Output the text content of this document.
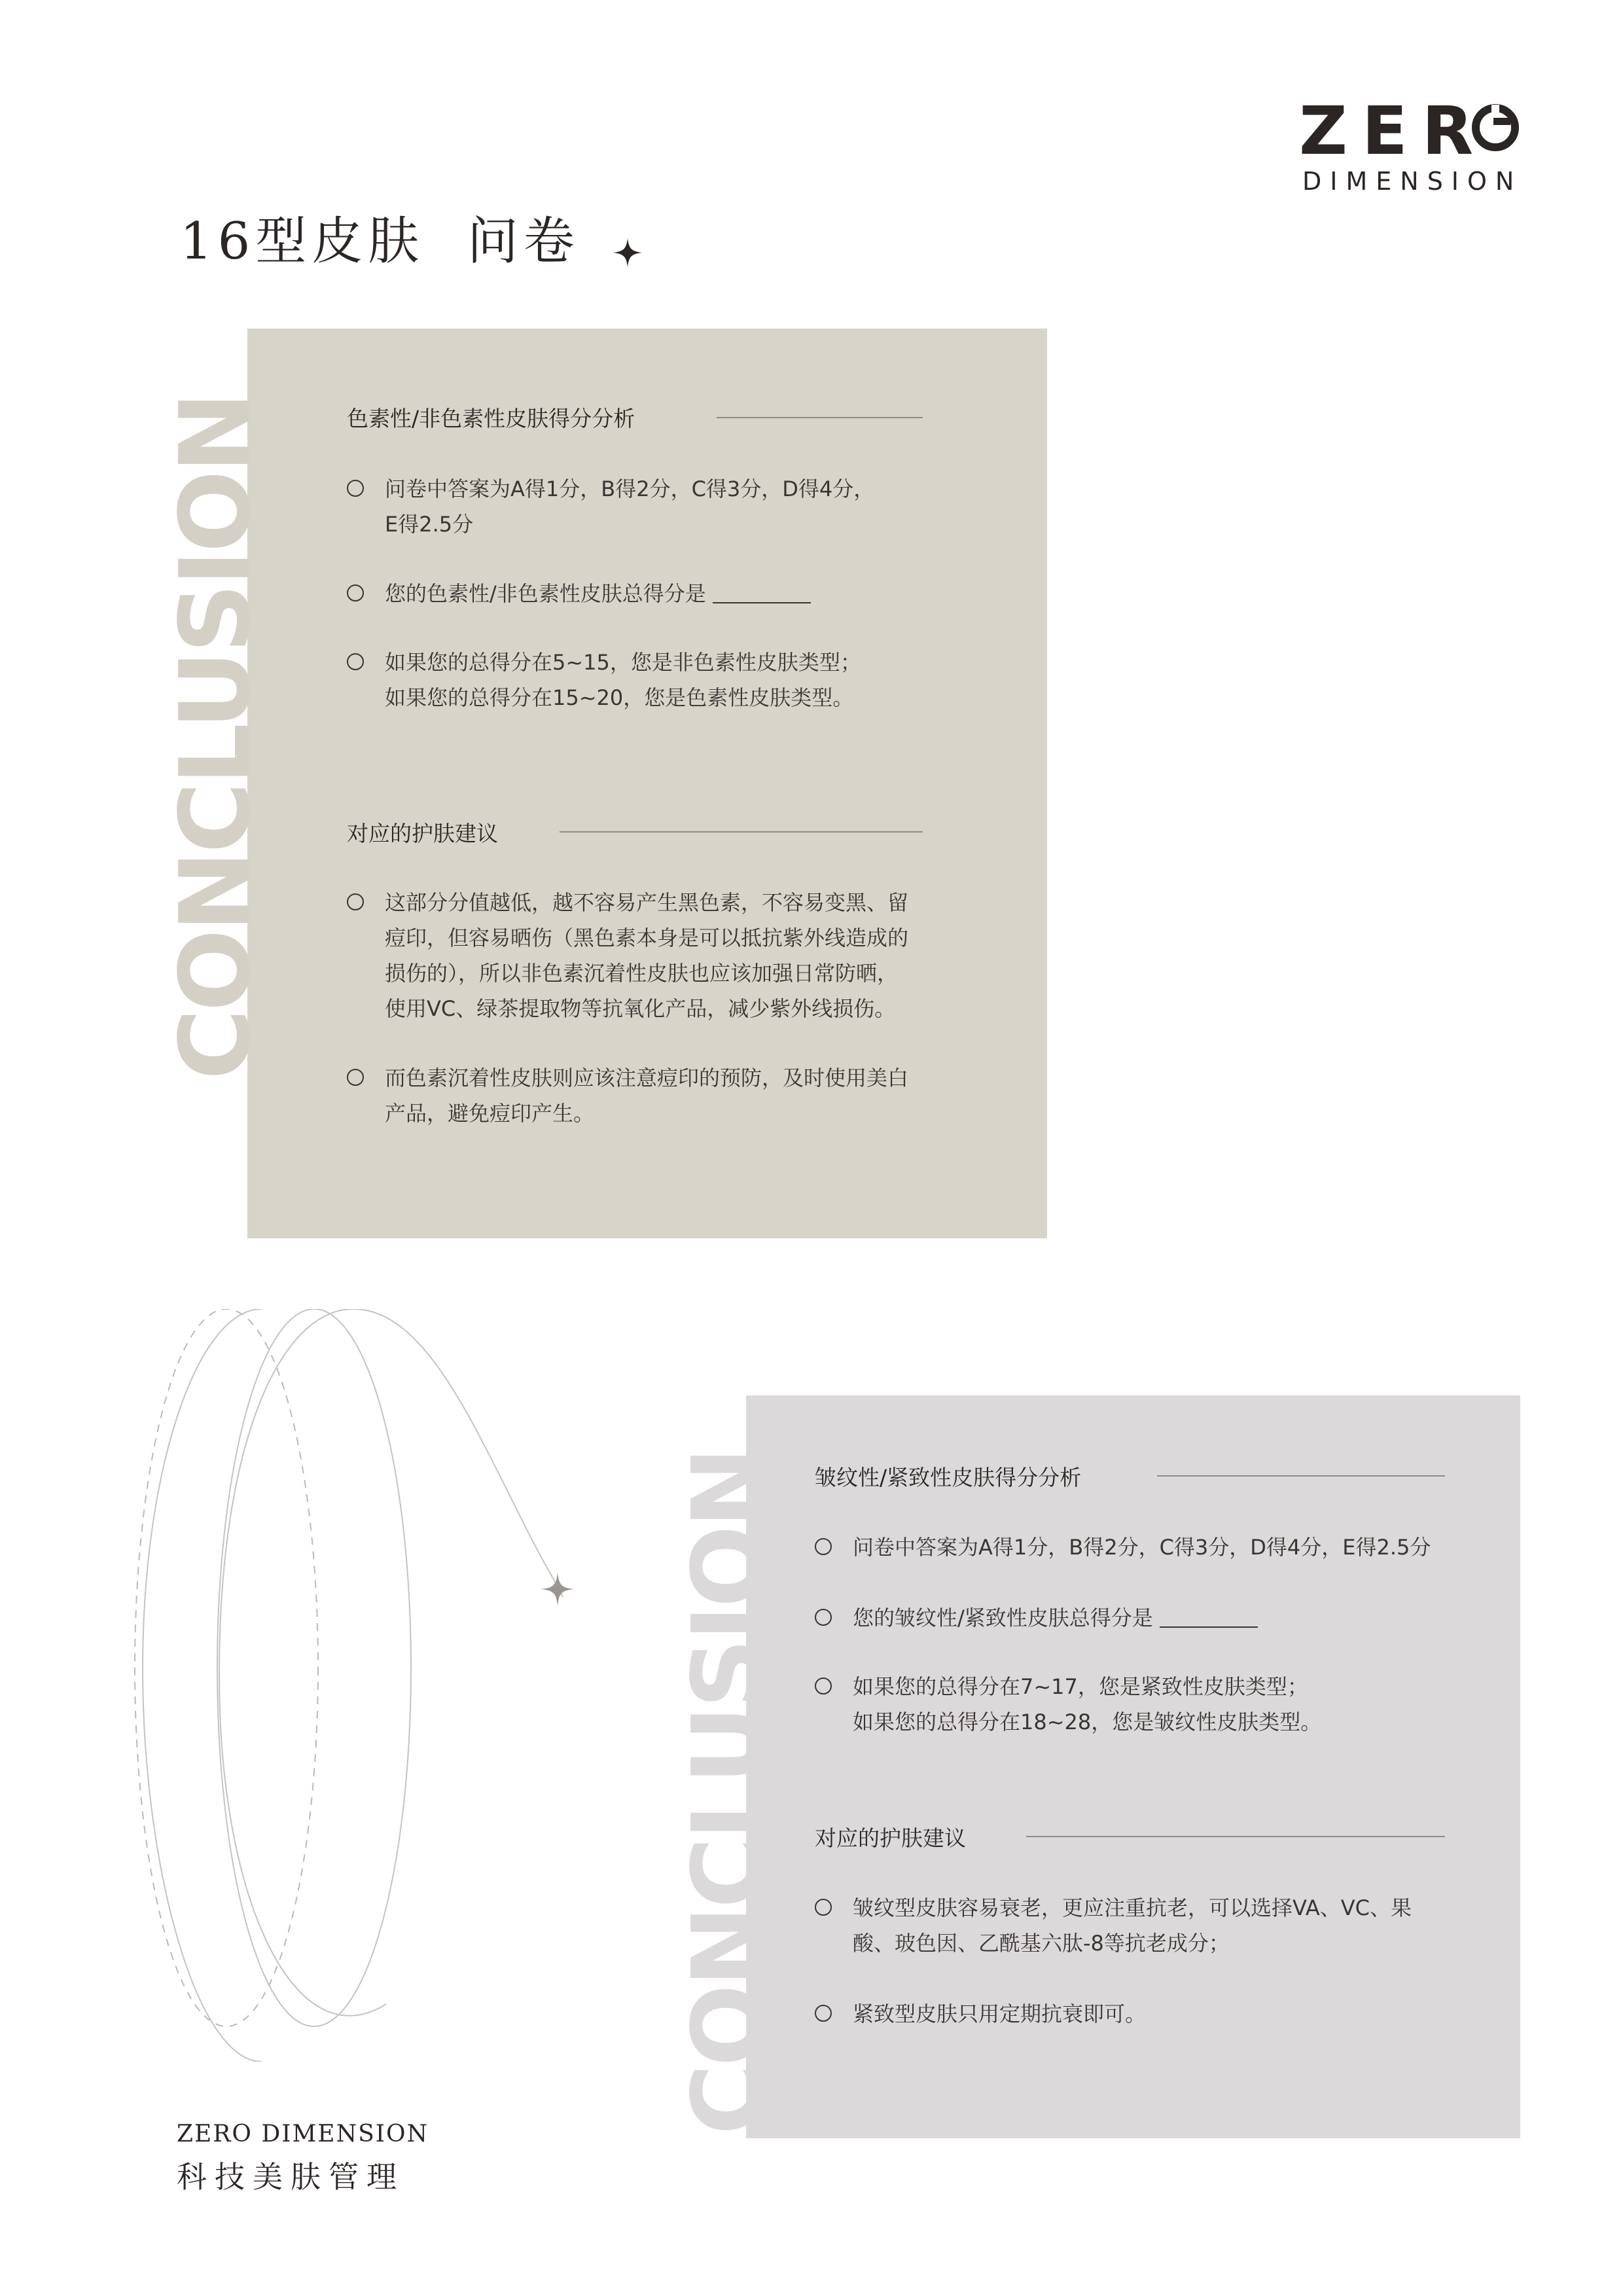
ZER
DIMENSION
16型皮肤  问卷
CONCLUSION	色素性/非色素性皮肤得分分析
问卷中答案为A得1分，B得2分，C得3分，D得4分，
E得2.5分
您的色素性/非色素性皮肤总得分是
如果您的总得分在5~15，您是非色素性皮肤类型；
如果您的总得分在15~20，您是色素性皮肤类型。
对应的护肤建议
这部分分值越低，越不容易产生黑色素，不容易变黑、留
痘印，但容易晒伤（黑色素本身是可以抵抗紫外线造成的
损伤的），所以非色素沉着性皮肤也应该加强日常防晒，
使用VC、绿茶提取物等抗氧化产品，减少紫外线损伤。
而色素沉着性皮肤则应该注意痘印的预防，及时使用美白
产品，避免痘印产生。
CONCLUSION 皱纹性/紧致性皮肤得分分析
问卷中答案为A得1分，B得2分，C得3分，D得4分，E得2.5分
您的皱纹性/紧致性皮肤总得分是
如果您的总得分在7~17，您是紧致性皮肤类型；
如果您的总得分在18~28，您是皱纹性皮肤类型。
对应的护肤建议
皱纹型皮肤容易衰老，更应注重抗老，可以选择VA、VC、果
酸、玻色因、乙酰基六肽-8等抗老成分；
紧致型皮肤只用定期抗衰即可。
ZERO DIMENSION
科技美肤管理
